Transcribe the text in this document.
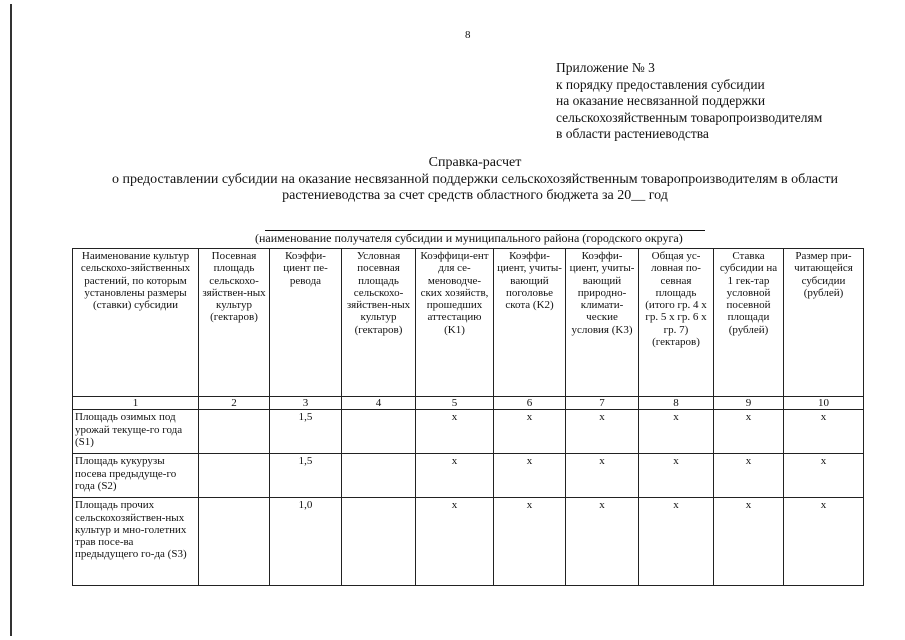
8
Приложение № 3
к порядку предоставления субсидии
на оказание несвязанной поддержки
сельскохозяйственным товаропроизводителям
в области растениеводства
Справка-расчет
о предоставлении субсидии на оказание несвязанной поддержки сельскохозяйственным товаропроизводителям в области
растениеводства за счет средств областного бюджета за 20__ год
(наименование получателя субсидии и муниципального района (городского округа)
Наименование культур сельскохо-зяйственных растений, по которым установлены размеры (ставки) субсидии	Посевная площадь сельскохо-зяйствен-ных культур (гектаров)	Коэффи-циент пе-ревода	Условная посевная площадь сельскохо-зяйствен-ных культур (гектаров)	Коэффици-ент для се-меноводче-ских хозяйств, прошедших аттестацию (K1)	Коэффи-циент, учиты-вающий поголовье скота (K2)	Коэффи-циент, учиты-вающий природно-климати-ческие условия (K3)	Общая ус-ловная по-севная площадь (итого гр. 4 х гр. 5 х гр. 6 х гр. 7) (гектаров)	Ставка субсидии на 1 гек-тар условной посевной площади (рублей)	Размер при-читающейся субсидии (рублей)
1	2	3	4	5	6	7	8	9	10
Площадь озимых под урожай текуще-го года (S1)		1,5		x	x	x	x	x	x
Площадь кукурузы посева предыдуще-го года (S2)		1,5		x	x	x	x	x	x
Площадь прочих сельскохозяйствен-ных культур и мно-голетних трав посе-ва предыдущего го-да (S3)		1,0		x	x	x	x	x	x
